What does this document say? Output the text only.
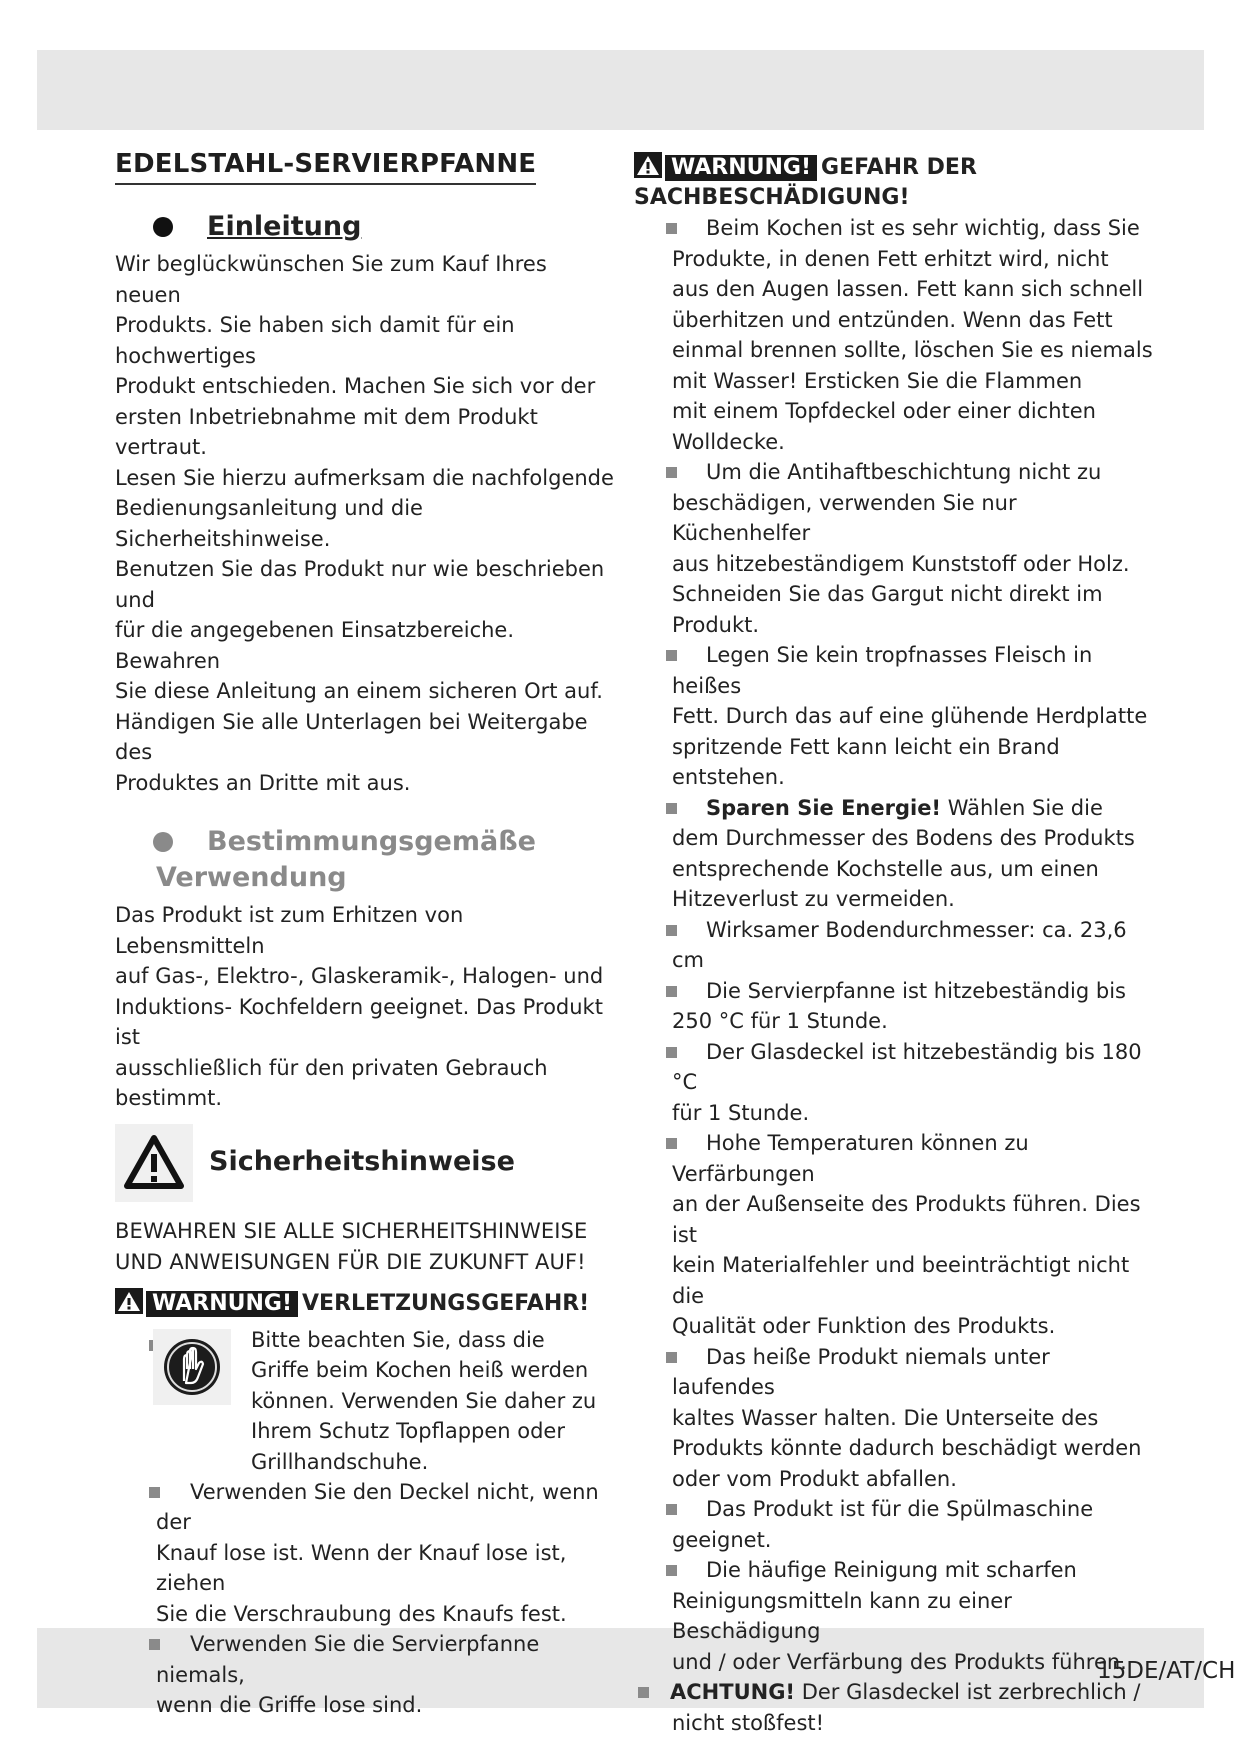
15DE/AT/CH
EDELSTAHL-SERVIERPFANNE
Einleitung

Wir beglückwünschen Sie zum Kauf Ihres neuen

Produkts. Sie haben sich damit für ein hochwertiges

Produkt entschieden. Machen Sie sich vor der

ersten Inbetriebnahme mit dem Produkt vertraut.

Lesen Sie hierzu aufmerksam die nachfolgende

Bedienungsanleitung und die Sicherheitshinweise.

Benutzen Sie das Produkt nur wie beschrieben und

für die angegebenen Einsatzbereiche. Bewahren

Sie diese Anleitung an einem sicheren Ort auf.

Händigen Sie alle Unterlagen bei Weitergabe des

Produktes an Dritte mit aus.

Bestimmungsgemäße
Verwendung

Das Produkt ist zum Erhitzen von Lebensmitteln

auf Gas-, Elektro-, Glaskeramik-, Halogen- und

Induktions- Kochfeldern geeignet. Das Produkt ist

ausschließlich für den privaten Gebrauch bestimmt.

Sicherheitshinweise

BEWAHREN SIE ALLE SICHERHEITSHINWEISE

UND ANWEISUNGEN FÜR DIE ZUKUNFT AUF!

WARNUNG! VERLETZUNGSGEFAHR!

Bitte beachten Sie, dass die

Griffe beim Kochen heiß werden

können. Verwenden Sie daher zu

Ihrem Schutz Topflappen oder

Grillhandschuhe.

Verwenden Sie den Deckel nicht, wenn der

Knauf lose ist. Wenn der Knauf lose ist, ziehen

Sie die Verschraubung des Knaufs fest.

Verwenden Sie die Servierpfanne niemals,

wenn die Griffe lose sind.

WARNUNG! GEFAHR DER

SACHBESCHÄDIGUNG!

Beim Kochen ist es sehr wichtig, dass Sie

Produkte, in denen Fett erhitzt wird, nicht

aus den Augen lassen. Fett kann sich schnell

überhitzen und entzünden. Wenn das Fett

einmal brennen sollte, löschen Sie es niemals

mit Wasser! Ersticken Sie die Flammen

mit einem Topfdeckel oder einer dichten

Wolldecke.

Um die Antihaftbeschichtung nicht zu

beschädigen, verwenden Sie nur Küchenhelfer

aus hitzebeständigem Kunststoff oder Holz.

Schneiden Sie das Gargut nicht direkt im

Produkt.

Legen Sie kein tropfnasses Fleisch in heißes

Fett. Durch das auf eine glühende Herdplatte

spritzende Fett kann leicht ein Brand entstehen.

Sparen Sie Energie! Wählen Sie die

dem Durchmesser des Bodens des Produkts

entsprechende Kochstelle aus, um einen

Hitzeverlust zu vermeiden.

Wirksamer Bodendurchmesser: ca. 23,6 cm

Die Servierpfanne ist hitzebeständig bis

250 °C für 1 Stunde.

Der Glasdeckel ist hitzebeständig bis 180 °C

für 1 Stunde.

Hohe Temperaturen können zu Verfärbungen

an der Außenseite des Produkts führen. Dies ist

kein Materialfehler und beeinträchtigt nicht die

Qualität oder Funktion des Produkts.

Das heiße Produkt niemals unter laufendes

kaltes Wasser halten. Die Unterseite des

Produkts könnte dadurch beschädigt werden

oder vom Produkt abfallen.

Das Produkt ist für die Spülmaschine geeignet.

Die häufige Reinigung mit scharfen

Reinigungsmitteln kann zu einer Beschädigung

und / oder Verfärbung des Produkts führen.

ACHTUNG! Der Glasdeckel ist zerbrechlich /

nicht stoßfest!
